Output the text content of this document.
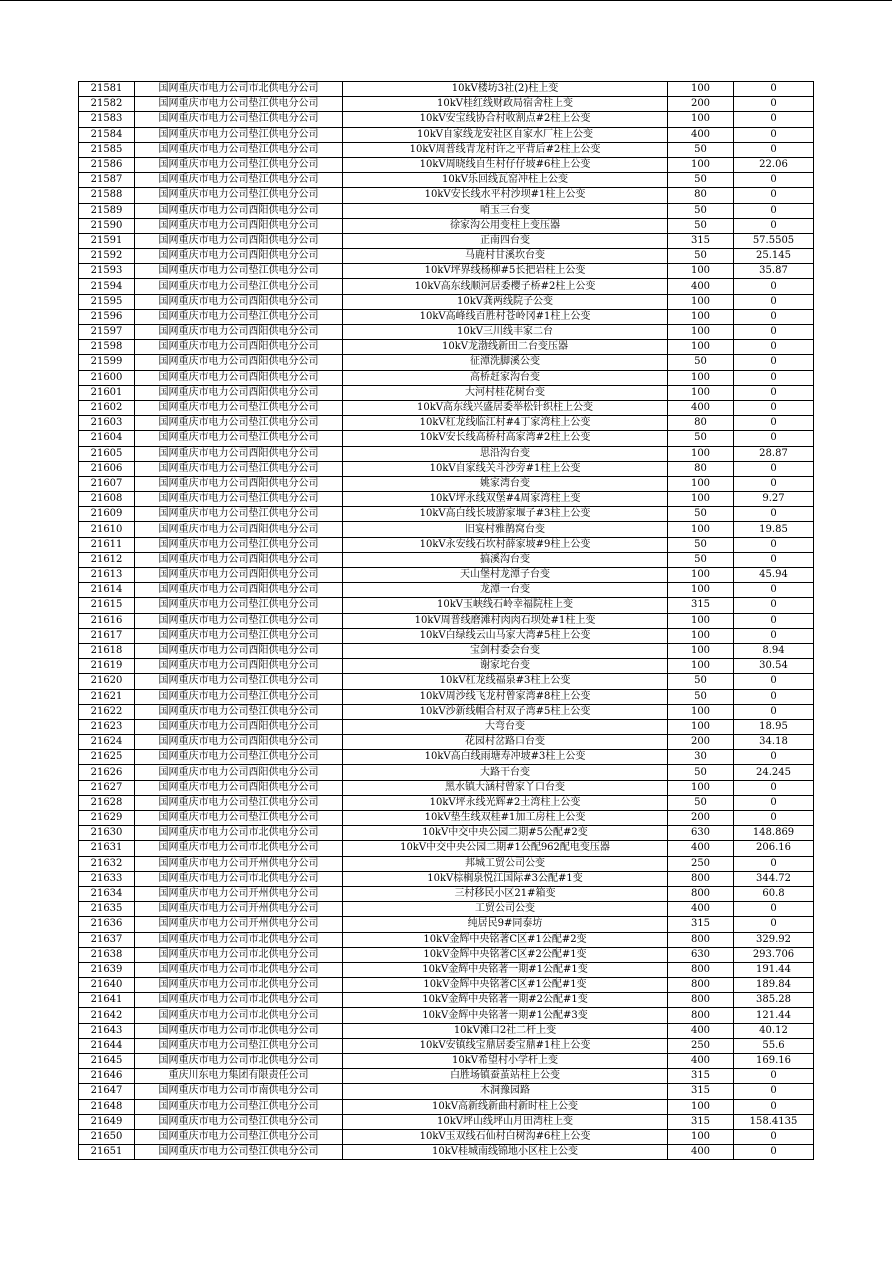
21581	国网重庆市电力公司市北供电分公司	10kV楼坊3社(2)柱上变	100	0
21582	国网重庆市电力公司垫江供电分公司	10kV桂红线财政局宿舍柱上变	200	0
21583	国网重庆市电力公司垫江供电分公司	10kV安宝线协合村收割点#2柱上公变	100	0
21584	国网重庆市电力公司垫江供电分公司	10kV自家线龙安社区自家水厂柱上公变	400	0
21585	国网重庆市电力公司垫江供电分公司	10kV周普线青龙村许之平背后#2柱上公变	50	0
21586	国网重庆市电力公司垫江供电分公司	10kV周晓线自生村仔仔坡#6柱上公变	100	22.06
21587	国网重庆市电力公司垫江供电分公司	10kV乐回线瓦窑冲柱上公变	50	0
21588	国网重庆市电力公司垫江供电分公司	10kV安长线水平村沙坝#1柱上公变	80	0
21589	国网重庆市电力公司酉阳供电分公司	哨玉三台变	50	0
21590	国网重庆市电力公司酉阳供电分公司	徐家沟公用变柱上变压器	50	0
21591	国网重庆市电力公司酉阳供电分公司	正南四台变	315	57.5505
21592	国网重庆市电力公司酉阳供电分公司	马鹿村甘溪坎台变	50	25.145
21593	国网重庆市电力公司垫江供电分公司	10kV坪界线杨柳#5长把岩柱上公变	100	35.87
21594	国网重庆市电力公司垫江供电分公司	10kV高东线顺河居委樱子桥#2柱上公变	400	0
21595	国网重庆市电力公司酉阳供电分公司	10kV龚两线院子公变	100	0
21596	国网重庆市电力公司垫江供电分公司	10kV高峰线百胜村苍岭冈#1柱上公变	100	0
21597	国网重庆市电力公司酉阳供电分公司	10kV三川线丰家二台	100	0
21598	国网重庆市电力公司酉阳供电分公司	10kV龙渤线新田二台变压器	100	0
21599	国网重庆市电力公司酉阳供电分公司	征潭洗脚溪公变	50	0
21600	国网重庆市电力公司酉阳供电分公司	高桥赶家沟台变	100	0
21601	国网重庆市电力公司酉阳供电分公司	大河村桂花树台变	100	0
21602	国网重庆市电力公司垫江供电分公司	10kV高东线兴盛居委举松针织柱上公变	400	0
21603	国网重庆市电力公司垫江供电分公司	10kV杠龙线临江村#4丁家湾柱上公变	80	0
21604	国网重庆市电力公司垫江供电分公司	10kV安长线高桥村高家湾#2柱上公变	50	0
21605	国网重庆市电力公司酉阳供电分公司	思沿沟台变	100	28.87
21606	国网重庆市电力公司垫江供电分公司	10kV自家线关斗沙旁#1柱上公变	80	0
21607	国网重庆市电力公司酉阳供电分公司	姚家湾台变	100	0
21608	国网重庆市电力公司垫江供电分公司	10kV坪永线双堡#4周家湾柱上变	100	9.27
21609	国网重庆市电力公司垫江供电分公司	10kV高白线长坡游家堰子#3柱上公变	50	0
21610	国网重庆市电力公司酉阳供电分公司	旧宴村雅鹊窝台变	100	19.85
21611	国网重庆市电力公司垫江供电分公司	10kV永安线石坎村薛家坡#9柱上公变	50	0
21612	国网重庆市电力公司酉阳供电分公司	搞溪沟台变	50	0
21613	国网重庆市电力公司酉阳供电分公司	天山堡村龙潭子台变	100	45.94
21614	国网重庆市电力公司酉阳供电分公司	龙潭一台变	100	0
21615	国网重庆市电力公司垫江供电分公司	10kV玉峡线石岭幸福院柱上变	315	0
21616	国网重庆市电力公司垫江供电分公司	10kV周普线磨滩村肉肉石坝处#1柱上变	100	0
21617	国网重庆市电力公司垫江供电分公司	10kV白绿线云山马家大湾#5柱上公变	100	0
21618	国网重庆市电力公司酉阳供电分公司	宝剑村委会台变	100	8.94
21619	国网重庆市电力公司酉阳供电分公司	谢家坨台变	100	30.54
21620	国网重庆市电力公司垫江供电分公司	10kV杠龙线福泉#3柱上公变	50	0
21621	国网重庆市电力公司垫江供电分公司	10kV周沙线飞龙村曾家湾#8柱上公变	50	0
21622	国网重庆市电力公司垫江供电分公司	10kV沙新线帽合村双子湾#5柱上公变	100	0
21623	国网重庆市电力公司酉阳供电分公司	大弯台变	100	18.95
21624	国网重庆市电力公司酉阳供电分公司	花园村岔路口台变	200	34.18
21625	国网重庆市电力公司垫江供电分公司	10kV高白线雨塘寿冲坡#3柱上公变	30	0
21626	国网重庆市电力公司酉阳供电分公司	大路干台变	50	24.245
21627	国网重庆市电力公司酉阳供电分公司	黑水镇大涵村曾家丫口台变	100	0
21628	国网重庆市电力公司垫江供电分公司	10kV坪永线光辉#2土湾柱上公变	50	0
21629	国网重庆市电力公司垫江供电分公司	10kV垫生线双桂#1加工房柱上公变	200	0
21630	国网重庆市电力公司市北供电分公司	10kV中交中央公园二期#5公配#2变	630	148.869
21631	国网重庆市电力公司市北供电分公司	10kV中交中央公园二期#1公配962配电变压器	400	206.16
21632	国网重庆市电力公司开州供电分公司	邦城工贸公司公变	250	0
21633	国网重庆市电力公司市北供电分公司	10kV棕榈泉悦江国际#3公配#1变	800	344.72
21634	国网重庆市电力公司开州供电分公司	三村移民小区21#箱变	800	60.8
21635	国网重庆市电力公司开州供电分公司	工贸公司公变	400	0
21636	国网重庆市电力公司开州供电分公司	纯居民9#同泰坊	315	0
21637	国网重庆市电力公司市北供电分公司	10kV金辉中央铭著C区#1公配#2变	800	329.92
21638	国网重庆市电力公司市北供电分公司	10kV金辉中央铭著C区#2公配#1变	630	293.706
21639	国网重庆市电力公司市北供电分公司	10kV金辉中央铭著一期#1公配#1变	800	191.44
21640	国网重庆市电力公司市北供电分公司	10kV金辉中央铭著C区#1公配#1变	800	189.84
21641	国网重庆市电力公司市北供电分公司	10kV金辉中央铭著一期#2公配#1变	800	385.28
21642	国网重庆市电力公司市北供电分公司	10kV金辉中央铭著一期#1公配#3变	800	121.44
21643	国网重庆市电力公司市北供电分公司	10kV滩口2社二杆上变	400	40.12
21644	国网重庆市电力公司垫江供电分公司	10kV安镇线宝鼎居委宝鼎#1柱上公变	250	55.6
21645	国网重庆市电力公司市北供电分公司	10kV希望村小学杆上变	400	169.16
21646	重庆川东电力集团有限责任公司	白胜场镇蚕茧站柱上公变	315	0
21647	国网重庆市电力公司市南供电分公司	木洞豫园路	315	0
21648	国网重庆市电力公司垫江供电分公司	10kV高新线新曲村新时柱上公变	100	0
21649	国网重庆市电力公司垫江供电分公司	10kV坪山线坪山月田湾柱上变	315	158.4135
21650	国网重庆市电力公司垫江供电分公司	10kV玉双线石仙村白树沟#6柱上公变	100	0
21651	国网重庆市电力公司垫江供电分公司	10kV桂城南线锦地小区柱上公变	400	0
